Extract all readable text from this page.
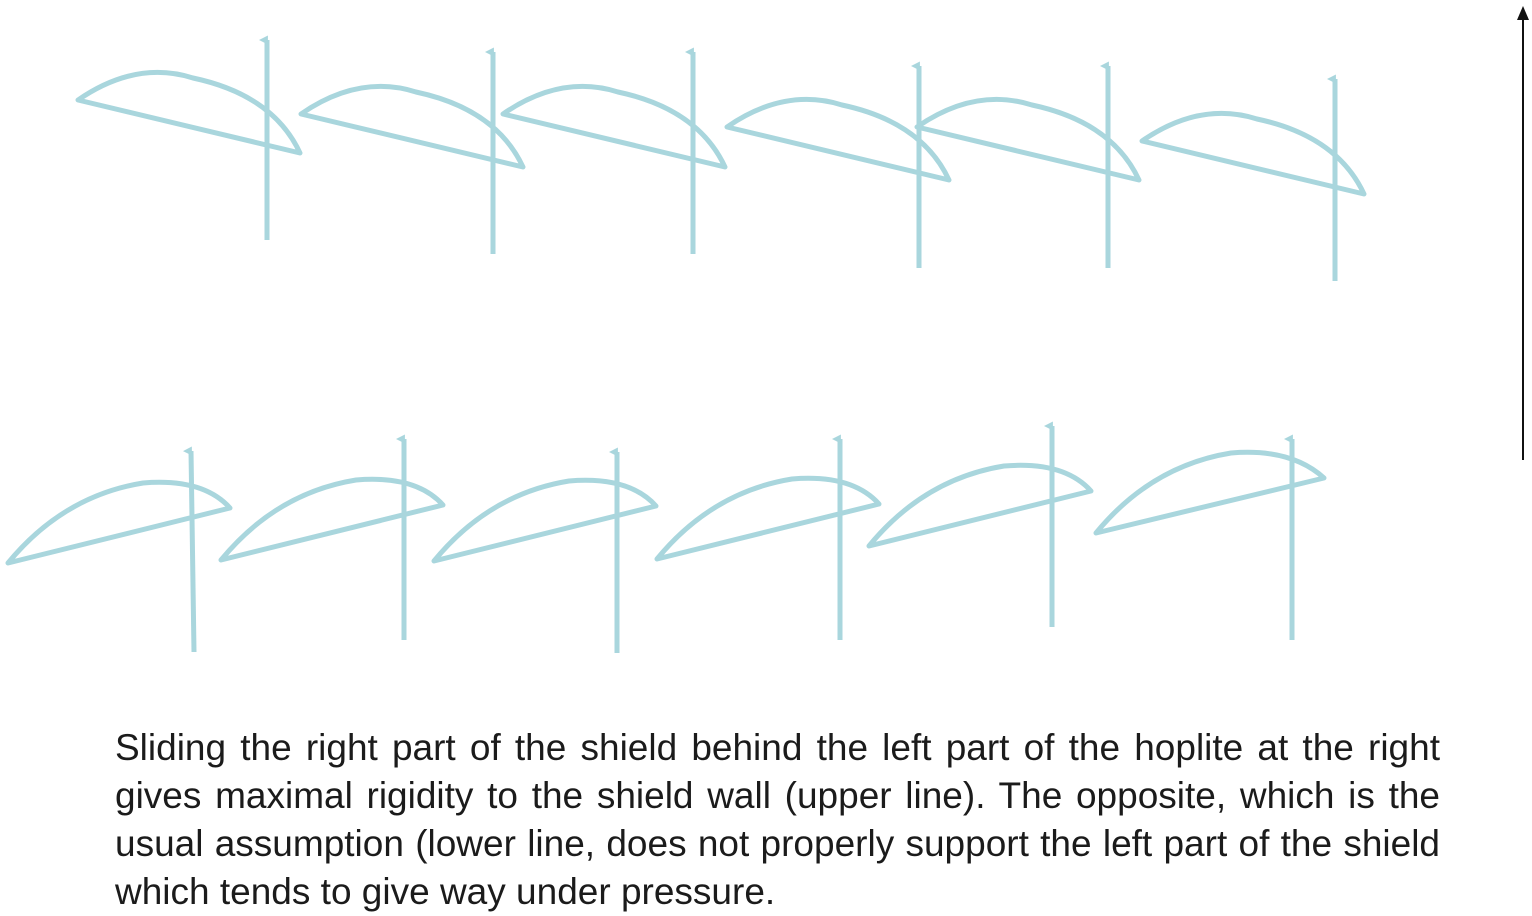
Sliding the right part of the shield behind the left part of the hoplite at the right gives maximal rigidity to the shield wall (upper line). The opposite, which is the usual assumption (lower line, does not properly support the left part of the shield which tends to give way under pressure.
